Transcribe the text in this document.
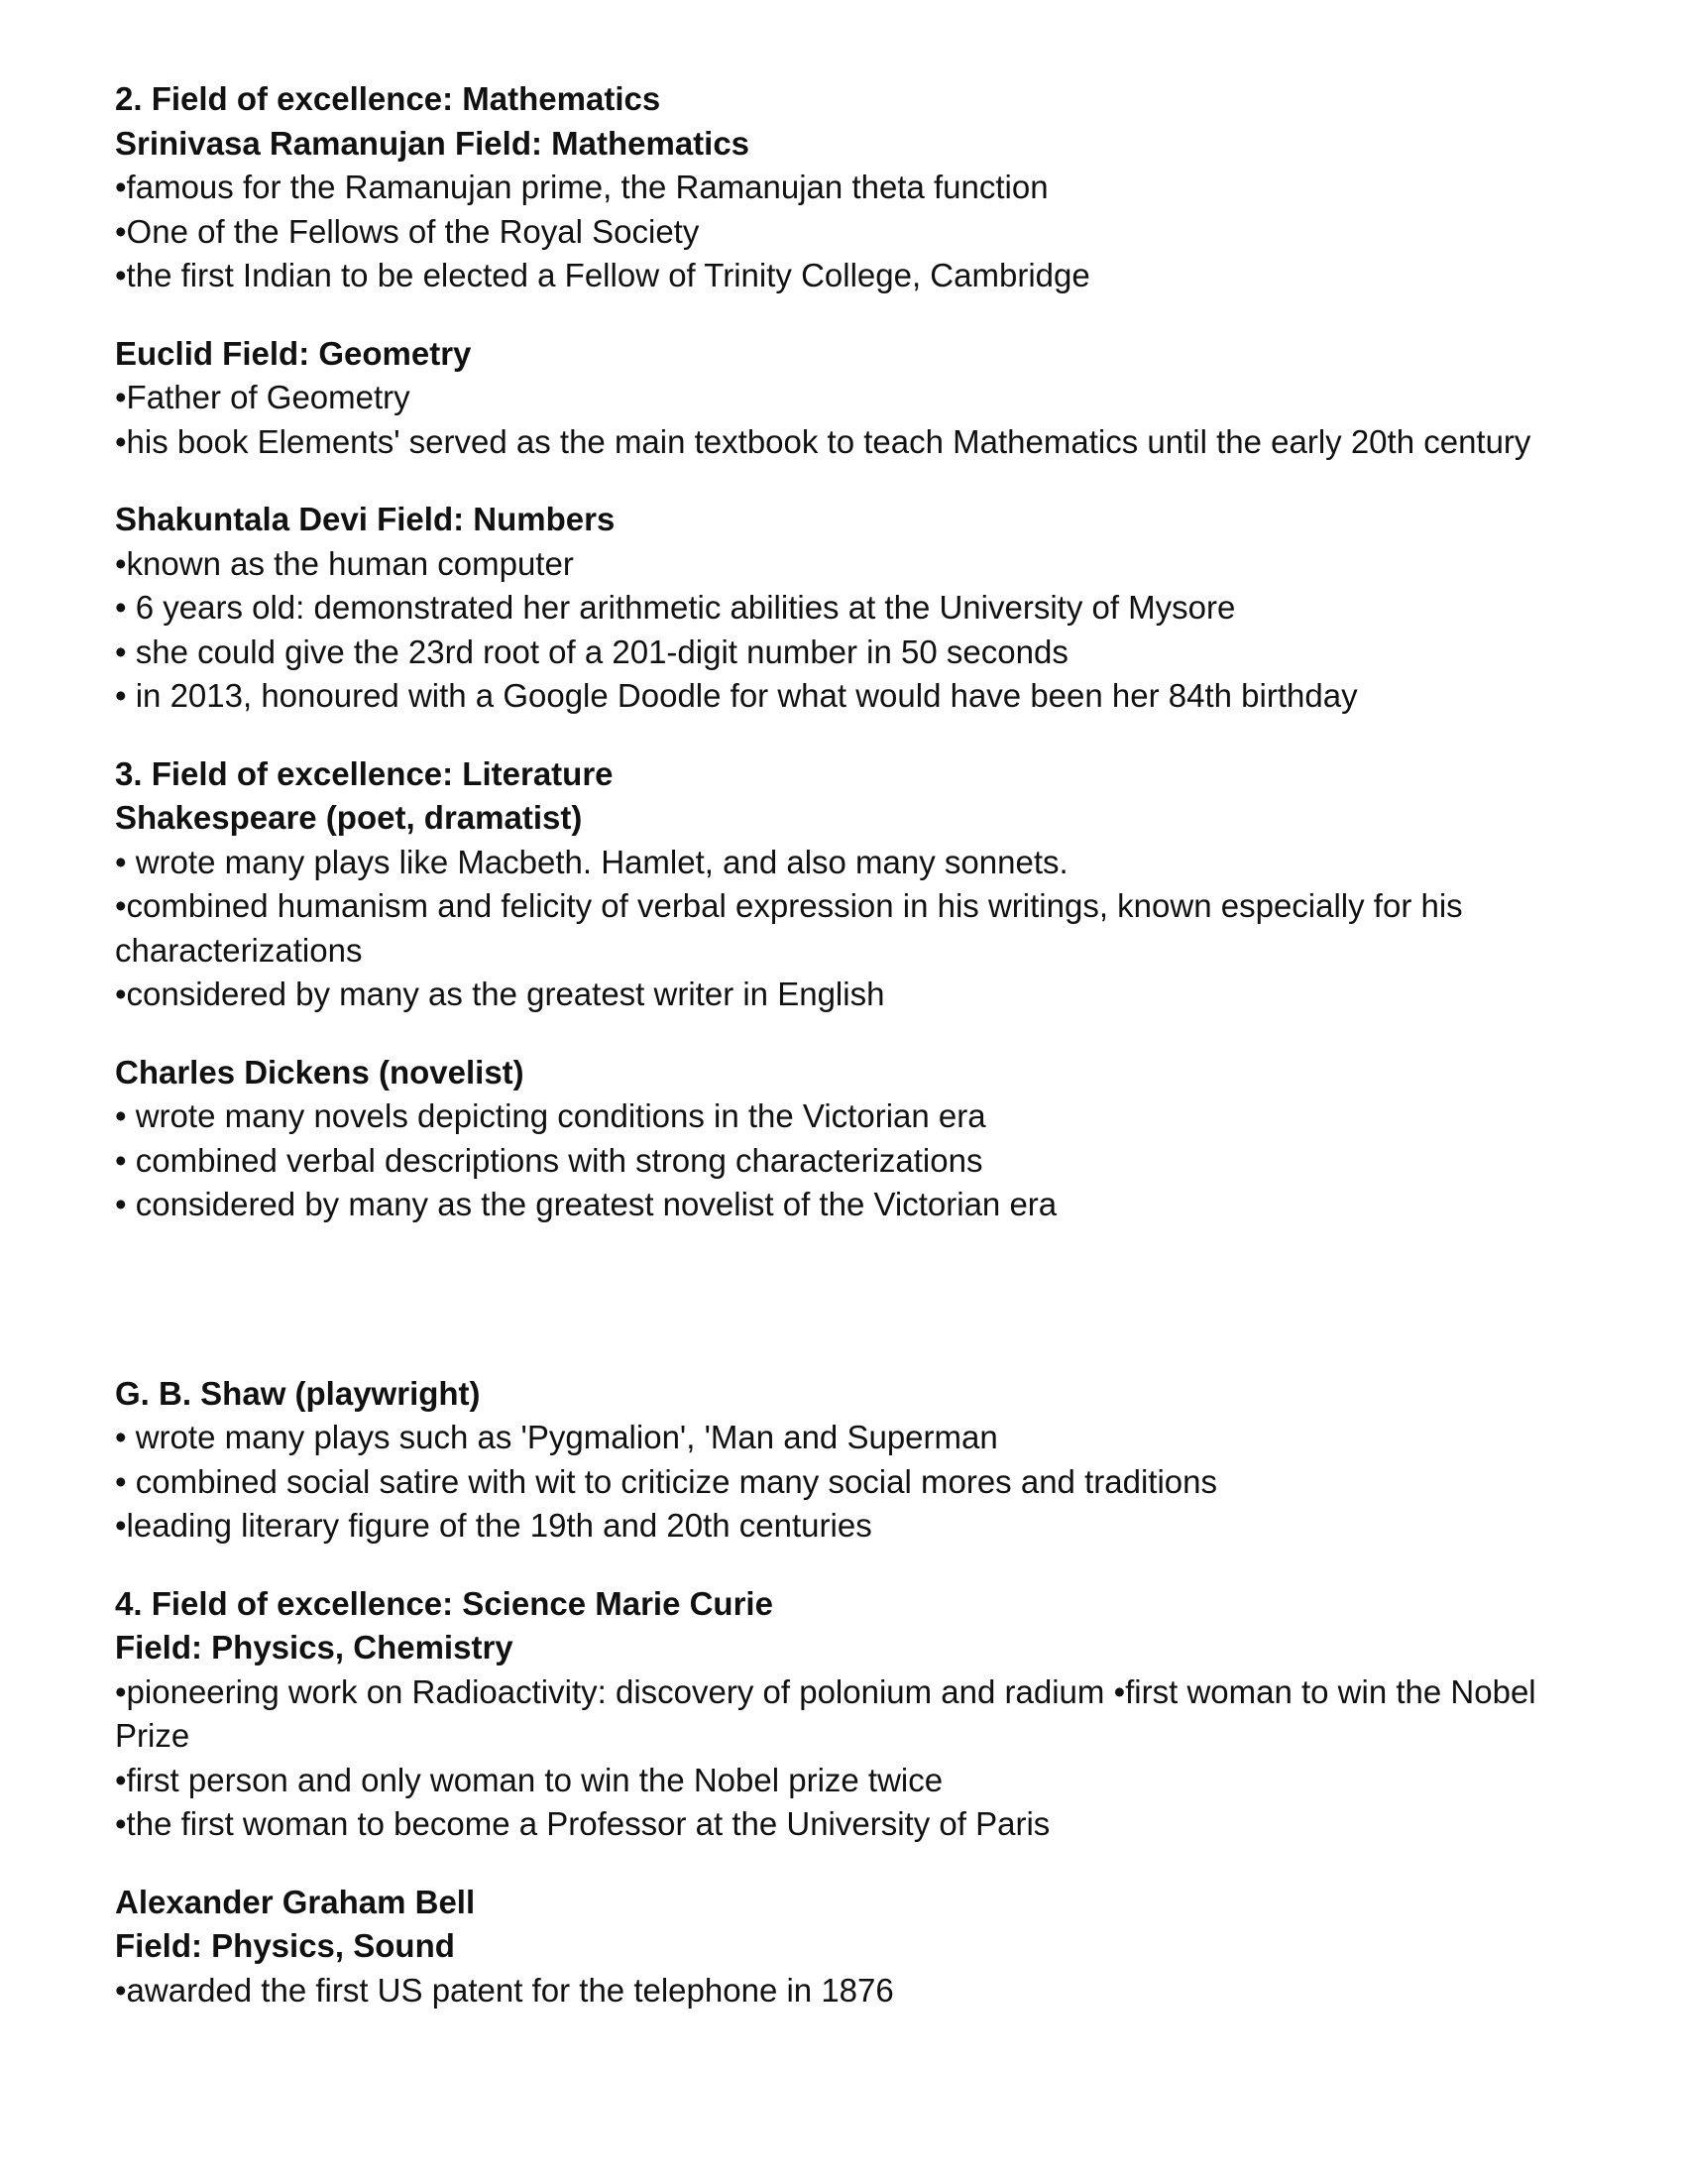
2. Field of excellence: Mathematics
Srinivasa Ramanujan Field: Mathematics
•famous for the Ramanujan prime, the Ramanujan theta function
•One of the Fellows of the Royal Society
•the first Indian to be elected a Fellow of Trinity College, Cambridge
Euclid Field: Geometry
•Father of Geometry
•his book Elements' served as the main textbook to teach Mathematics until the early 20th century
Shakuntala Devi Field: Numbers
•known as the human computer
• 6 years old: demonstrated her arithmetic abilities at the University of Mysore
• she could give the 23rd root of a 201-digit number in 50 seconds
• in 2013, honoured with a Google Doodle for what would have been her 84th birthday
3. Field of excellence: Literature
Shakespeare (poet, dramatist)
• wrote many plays like Macbeth. Hamlet, and also many sonnets.
•combined humanism and felicity of verbal expression in his writings, known especially for his characterizations
•considered by many as the greatest writer in English
Charles Dickens (novelist)
• wrote many novels depicting conditions in the Victorian era
• combined verbal descriptions with strong characterizations
• considered by many as the greatest novelist of the Victorian era
G. B. Shaw (playwright)
• wrote many plays such as 'Pygmalion', 'Man and Superman
• combined social satire with wit to criticize many social mores and traditions
•leading literary figure of the 19th and 20th centuries
4. Field of excellence: Science Marie Curie
Field: Physics, Chemistry
•pioneering work on Radioactivity: discovery of polonium and radium •first woman to win the Nobel Prize
•first person and only woman to win the Nobel prize twice
•the first woman to become a Professor at the University of Paris
Alexander Graham Bell
Field: Physics, Sound
•awarded the first US patent for the telephone in 1876
